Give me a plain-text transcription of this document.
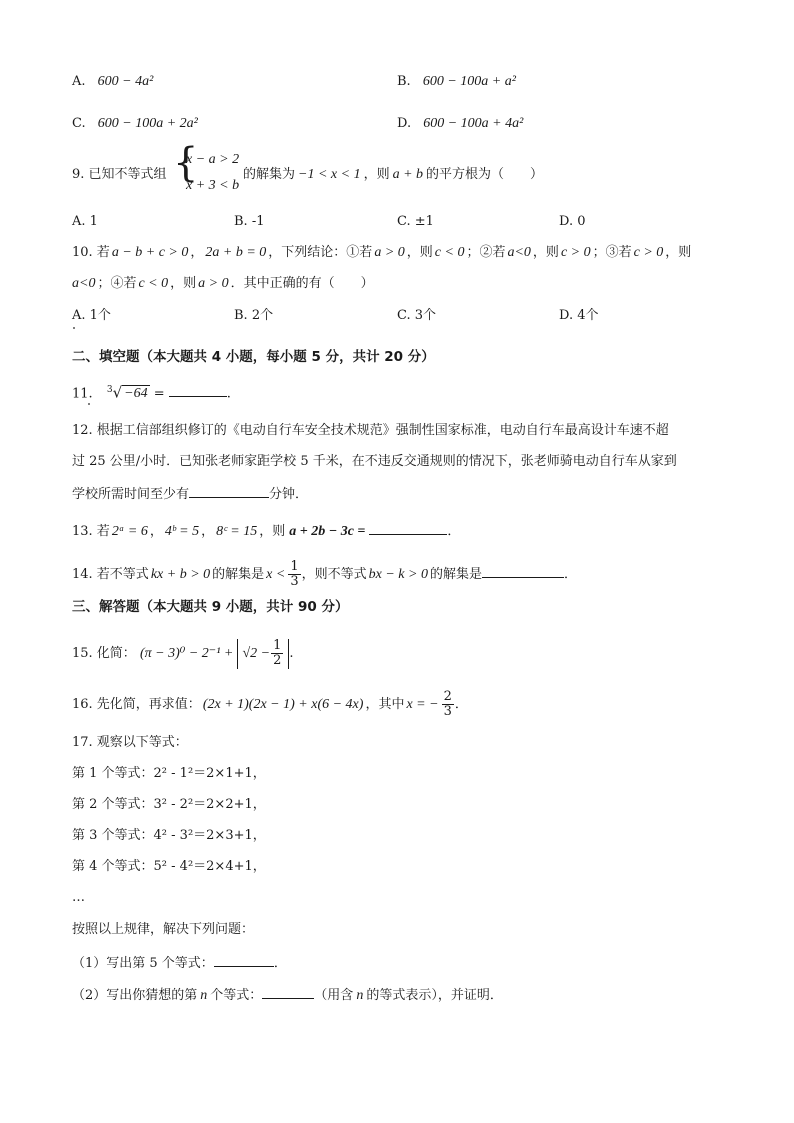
A. 600 − 4a²	B. 600 − 100a + a²
C. 600 − 100a + 2a²	D. 600 − 100a + 4a²
9. 已知不等式组 {
x − a > 2
x + 3 < b
的解集为 −1 < x < 1 ，则 a + b 的平方根为（　　）
A. 1	B. -1	C. ±1	D. 0
10. 若 a − b + c > 0 ， 2a + b = 0 ，下列结论：①若 a > 0 ，则 c < 0 ；②若 a<0 ，则 c > 0 ；③若 c > 0 ，则
a<0 ；④若 c < 0 ，则 a > 0 ．其中正确的有（　　）
A. 1个	B. 2个	C. 3个	D. 4个
二、填空题（本大题共 4 小题，每小题 5 分，共计 20 分）
11. $^3$√ −64 =	.
12. 根据工信部组织修订的《电动自行车安全技术规范》强制性国家标准，电动自行车最高设计车速不超
过 25 公里/小时．已知张老师家距学校 5 千米，在不违反交通规则的情况下，张老师骑电动自行车从家到
学校所需时间至少有	分钟．
13. 若 2ᵃ = 6 ， 4ᵇ = 5 ， 8ᶜ = 15 ，则 a + 2b − 3c =	．
14. 若不等式 kx + b > 0 的解集是 $x < \frac{1}{3}$ ，则不等式 bx − k > 0 的解集是	．
三、解答题（本大题共 9 小题，共计 90 分）
15. 化简： $(\pi - 3)^0 - 2^{-1} + √2 - \frac{1}{2}$ .
16. 先化简，再求值： (2x + 1)(2x − 1) + x(6 − 4x) ，其中 x = − $\frac{2}{3}$ ．
17. 观察以下等式：
第 1 个等式：2² - 1²＝2×1+1，
第 2 个等式：3² - 2²＝2×2+1，
第 3 个等式：4² - 3²＝2×3+1，
第 4 个等式：5² - 4²＝2×4+1，
…
按照以上规律，解决下列问题：
（1）写出第 5 个等式：	．
（2）写出你猜想的第 n 个等式：	（用含 n 的等式表示），并证明．
